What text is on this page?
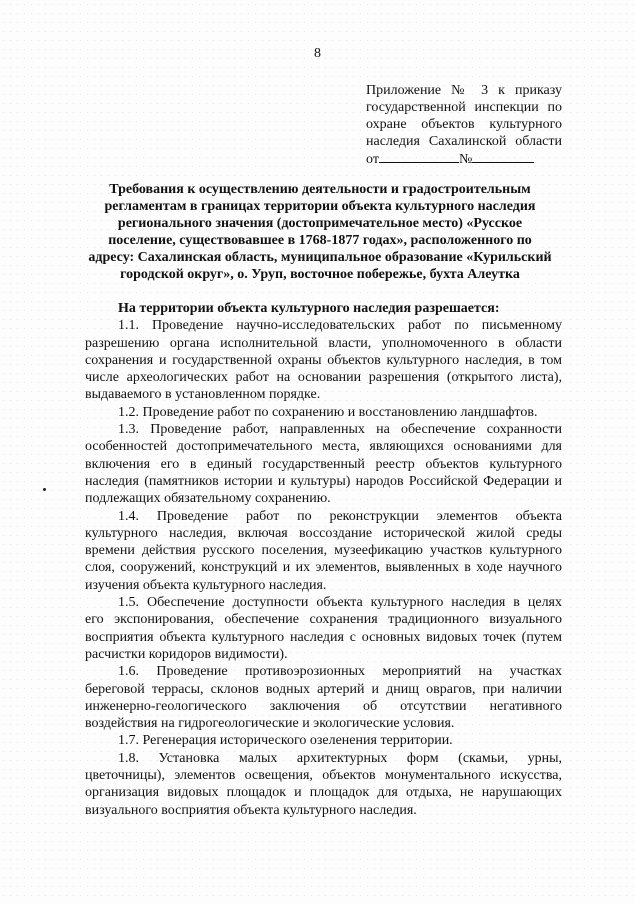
8
Приложение № 3 к приказу
государственной инспекции по
охране объектов культурного
наследия Сахалинской области
от	№
Требования к осуществлению деятельности и градостроительным
регламентам в границах территории объекта культурного наследия
регионального значения (достопримечательное место) «Русское
поселение, существовавшее в 1768-1877 годах», расположенного по
адресу: Сахалинская область, муниципальное образование «Курильский
городской округ», о. Уруп, восточное побережье, бухта Алеутка

На территории объекта культурного наследия разрешается:

1.1. Проведение научно-исследовательских работ по письменному
разрешению органа исполнительной власти, уполномоченного в области
сохранения и государственной охраны объектов культурного наследия, в том
числе археологических работ на основании разрешения (открытого листа),
выдаваемого в установленном порядке.

1.2. Проведение работ по сохранению и восстановлению ландшафтов.

1.3. Проведение работ, направленных на обеспечение сохранности
особенностей достопримечательного места, являющихся основаниями для
включения его в единый государственный реестр объектов культурного
наследия (памятников истории и культуры) народов Российской Федерации и
подлежащих обязательному сохранению.

1.4. Проведение работ по реконструкции элементов объекта
культурного наследия, включая воссоздание исторической жилой среды
времени действия русского поселения, музеефикацию участков культурного
слоя, сооружений, конструкций и их элементов, выявленных в ходе научного
изучения объекта культурного наследия.

1.5. Обеспечение доступности объекта культурного наследия в целях
его экспонирования, обеспечение сохранения традиционного визуального
восприятия объекта культурного наследия с основных видовых точек (путем
расчистки коридоров видимости).

1.6. Проведение противоэрозионных мероприятий на участках
береговой террасы, склонов водных артерий и днищ оврагов, при наличии
инженерно-геологического заключения об отсутствии негативного
воздействия на гидрогеологические и экологические условия.

1.7. Регенерация исторического озеленения территории.

1.8. Установка малых архитектурных форм (скамьи, урны,
цветочницы), элементов освещения, объектов монументального искусства,
организация видовых площадок и площадок для отдыха, не нарушающих
визуального восприятия объекта культурного наследия.
